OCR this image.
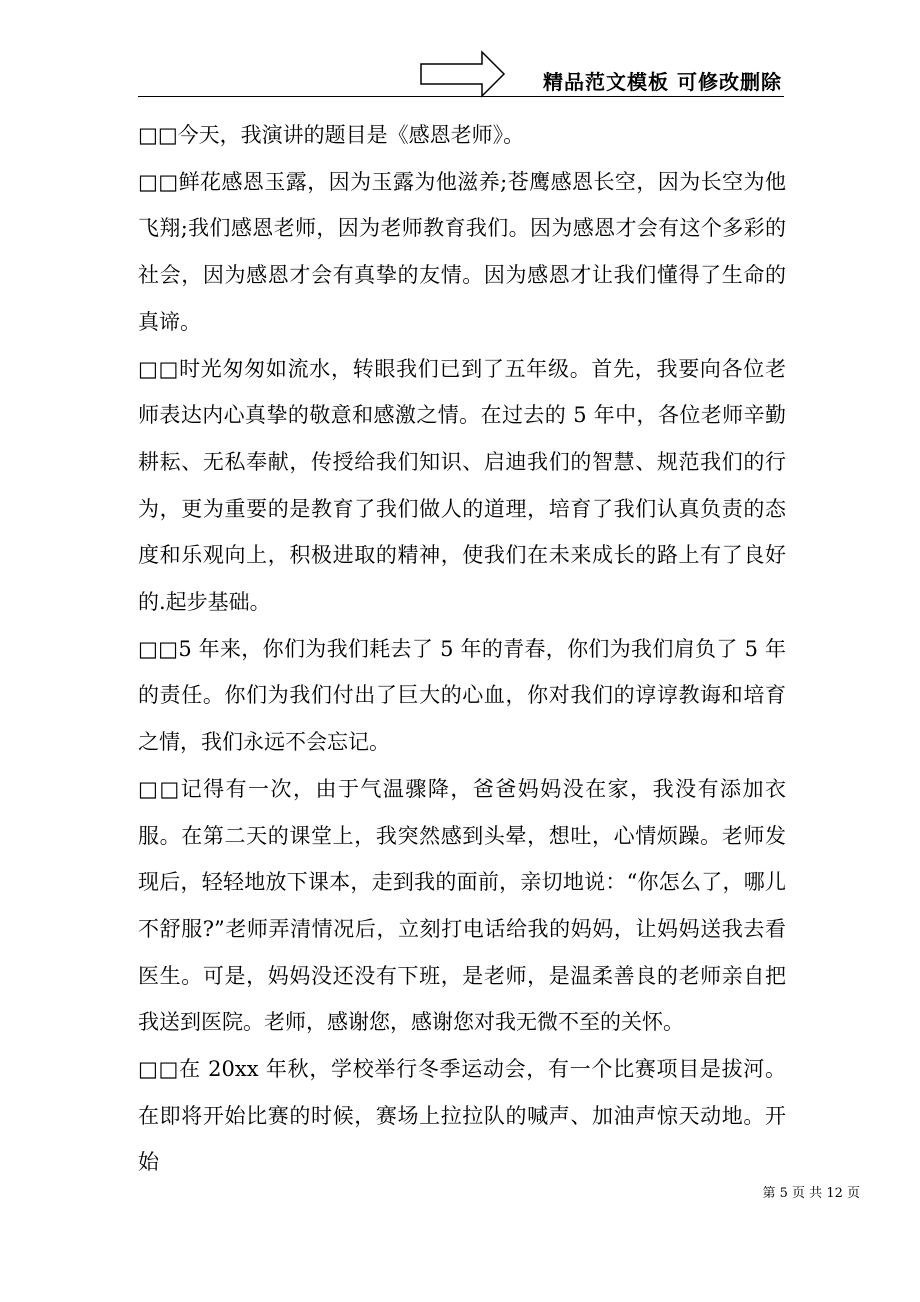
精品范文模板 可修改删除

□□今天，我演讲的题目是《感恩老师》。

□□鲜花感恩玉露，因为玉露为他滋养;苍鹰感恩长空，因为长空为他飞翔;我们感恩老师，因为老师教育我们。因为感恩才会有这个多彩的社会，因为感恩才会有真挚的友情。因为感恩才让我们懂得了生命的真谛。

□□时光匆匆如流水，转眼我们已到了五年级。首先，我要向各位老师表达内心真挚的敬意和感激之情。在过去的 5 年中，各位老师辛勤耕耘、无私奉献，传授给我们知识、启迪我们的智慧、规范我们的行为，更为重要的是教育了我们做人的道理，培育了我们认真负责的态度和乐观向上，积极进取的精神，使我们在未来成长的路上有了良好的.起步基础。

□□5 年来，你们为我们耗去了 5 年的青春，你们为我们肩负了 5 年的责任。你们为我们付出了巨大的心血，你对我们的谆谆教诲和培育之情，我们永远不会忘记。

□□记得有一次，由于气温骤降，爸爸妈妈没在家，我没有添加衣服。在第二天的课堂上，我突然感到头晕，想吐，心情烦躁。老师发现后，轻轻地放下课本，走到我的面前，亲切地说：“你怎么了，哪儿不舒服?”老师弄清情况后，立刻打电话给我的妈妈，让妈妈送我去看医生。可是，妈妈没还没有下班，是老师，是温柔善良的老师亲自把我送到医院。老师，感谢您，感谢您对我无微不至的关怀。

□□在 20xx 年秋，学校举行冬季运动会，有一个比赛项目是拔河。在即将开始比赛的时候，赛场上拉拉队的喊声、加油声惊天动地。开始

第 5 页 共 12 页
